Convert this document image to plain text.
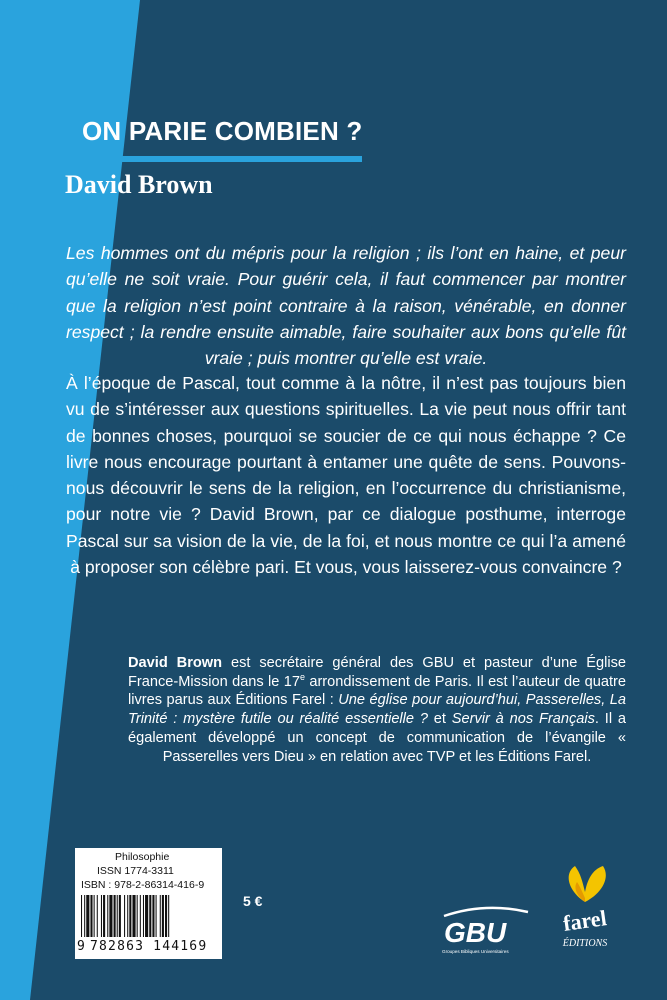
ON PARIE COMBIEN ?
David Brown

Les hommes ont du mépris pour la religion ; ils l’ont en haine, et peur qu’elle ne soit vraie. Pour guérir cela, il faut commencer par montrer que la religion n’est point contraire à la raison, vénérable, en donner respect ; la rendre ensuite aimable, faire souhaiter aux bons qu’elle fût vraie ; puis montrer qu’elle est vraie.

À l’époque de Pascal, tout comme à la nôtre, il n’est pas toujours bien vu de s’intéresser aux questions spirituelles. La vie peut nous offrir tant de bonnes choses, pourquoi se soucier de ce qui nous échappe ? Ce livre nous encourage pourtant à entamer une quête de sens. Pouvons-nous découvrir le sens de la religion, en l’occurrence du christianisme, pour notre vie ? David Brown, par ce dialogue posthume, interroge Pascal sur sa vision de la vie, de la foi, et nous montre ce qui l’a amené à proposer son célèbre pari. Et vous, vous laisserez-vous convaincre ?

David Brown est secrétaire général des GBU et pasteur d’une Église France-Mission dans le 17e arrondissement de Paris. Il est l’auteur de quatre livres parus aux Éditions Farel : Une église pour aujourd’hui, Passerelles, La Trinité : mystère futile ou réalité essentielle ? et Servir à nos Français. Il a également développé un concept de communication de l’évangile « Passerelles vers Dieu » en relation avec TVP et les Éditions Farel.

Philosophie
ISSN 1774-3311
ISBN : 978-2-86314-416-9
9 782863 144169
5 €
GBU
Groupes Bibliques Universitaires
farel
ÉDITIONS
